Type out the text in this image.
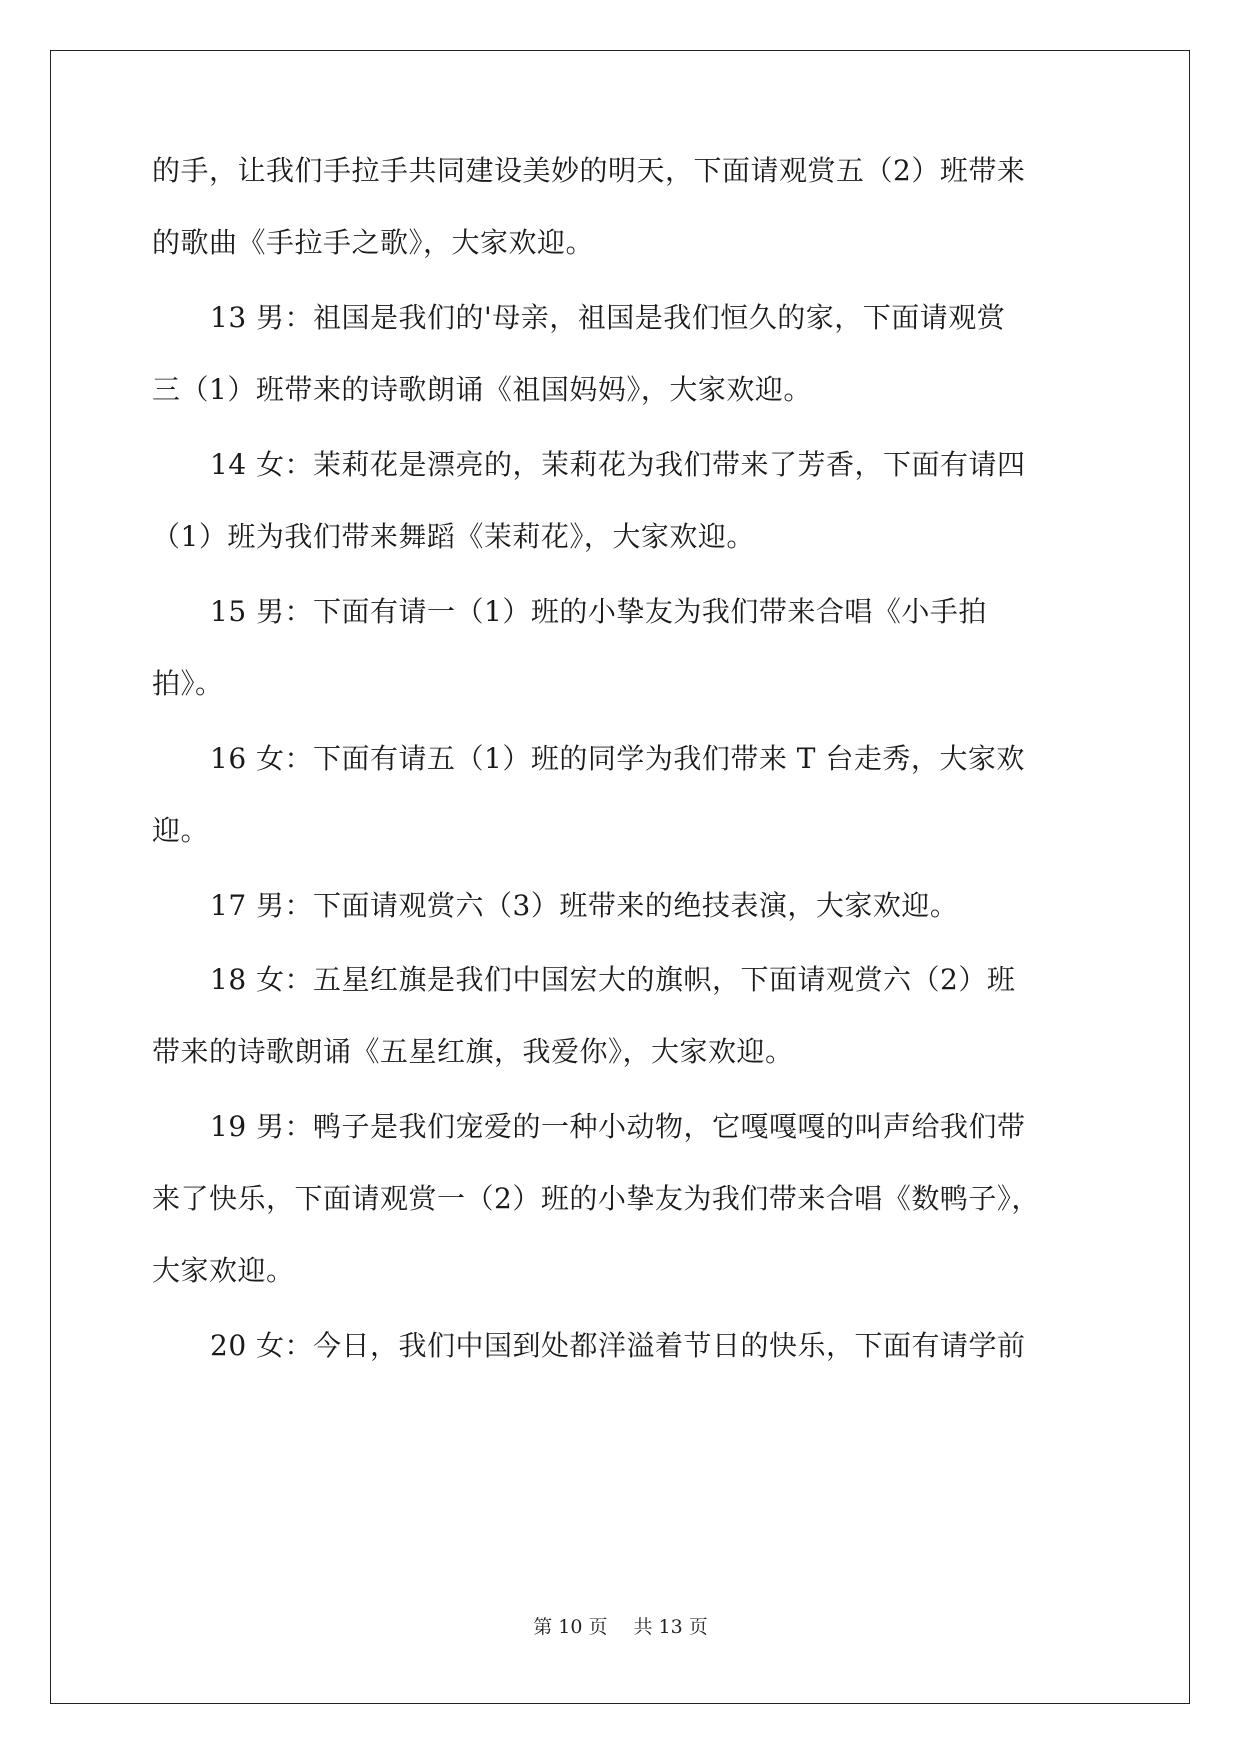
的手，让我们手拉手共同建设美妙的明天，下面请观赏五（2）班带来
的歌曲《手拉手之歌》，大家欢迎。
13 男：祖国是我们的'母亲，祖国是我们恒久的家，下面请观赏
三（1）班带来的诗歌朗诵《祖国妈妈》，大家欢迎。
14 女：茉莉花是漂亮的，茉莉花为我们带来了芳香，下面有请四
（1）班为我们带来舞蹈《茉莉花》，大家欢迎。
15 男：下面有请一（1）班的小挚友为我们带来合唱《小手拍
拍》。
16 女：下面有请五（1）班的同学为我们带来 T 台走秀，大家欢
迎。
17 男：下面请观赏六（3）班带来的绝技表演，大家欢迎。
18 女：五星红旗是我们中国宏大的旗帜，下面请观赏六（2）班
带来的诗歌朗诵《五星红旗，我爱你》，大家欢迎。
19 男：鸭子是我们宠爱的一种小动物，它嘎嘎嘎的叫声给我们带
来了快乐，下面请观赏一（2）班的小挚友为我们带来合唱《数鸭子》，
大家欢迎。
20 女：今日，我们中国到处都洋溢着节日的快乐，下面有请学前
第 10 页 共 13 页
